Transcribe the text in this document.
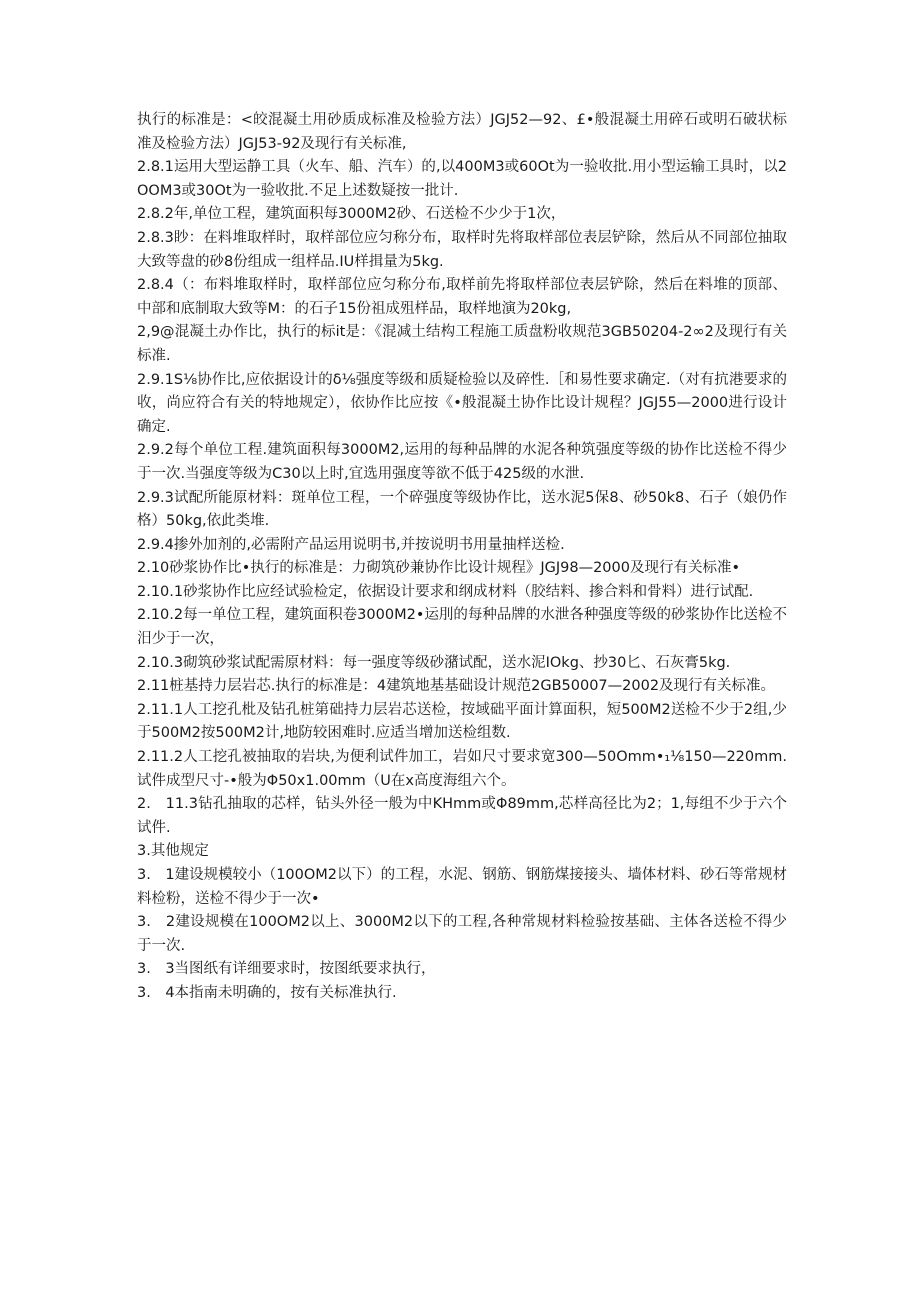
执行的标准是：<皎混凝土用砂质成标准及检验方法）JGJ52—92、£•般混凝土用碎石或明石破状标准及检验方法）JGJ53-92及现行有关标准,

2.8.1运用大型运静工具（火车、船、汽车）的,以400M3或60Ot为一验收批.用小型运输工具时，以2OOM3或30Ot为一验收批.不足上述数疑按一批计.

2.8.2年,单位工程，建筑面积每3000M2砂、石送检不少少于1次，

2.8.3眇：在料堆取样时，取样部位应匀称分布，取样时先将取样部位表层铲除，然后从不同部位抽取大致等盘的砂8份组成一组样品.IU样揖量为5kg.

2.8.4（：布料堆取样时，取样部位应匀称分布,取样前先将取样部位表层铲除，然后在料堆的顶部、中部和底制取大致等M：的石子15份祖成殂样品，取样地演为20kg,

2,9@混凝土办作比，执行的标it是：《混减土结构工程施工质盘粉收规范3GB50204-2∞2及现行有关标准.

2.9.1S⅛协作比,应依据设计的δ⅛强度等级和质疑检验以及碎性.［和易性要求确定.（对有抗港要求的收，尚应符合有关的特地规定），依协作比应按《•般混凝土协作比设计规程？JGJ55—2000进行设计确定.

2.9.2每个单位工程.建筑面积每3000M2,运用的每种品牌的水泥各种筑强度等级的协作比送检不得少于一次.当强度等级为C30以上时,宜选用强度等欲不低于425级的水泄.

2.9.3试配所能原材料：斑单位工程，一个碎强度等级协作比，送水泥5保8、砂50k8、石子（娘仍作格）50kg,依此类堆.

2.9.4掺外加剂的,必需附产品运用说明书,并按说明书用量抽样送检.

2.10砂浆协作比•执行的标准是：力砌筑砂兼协作比设计规程》JGJ98—2000及现行有关标准•

2.10.1砂浆协作比应经试验检定，依据设计要求和纲成材料（胶结料、掺合料和骨料）进行试配.

2.10.2每一单位工程，建筑面积卷3000M2•运刖的每种品牌的水泄各种强度等级的砂浆协作比送检不汨少于一次，

2.10.3砌筑砂浆试配需原材料：每一强度等级砂潴试配，送水泥IOkg、抄30匕、石灰膏5kg.

2.11桩基持力层岩芯.执行的标准是：4建筑地基基础设计规范2GB50007—2002及现行有关标准。

2.11.1人工挖孔枇及钻孔桩第础持力层岩芯送检，按域础平面计算面积，短500M2送检不少于2组,少于500M2按500M2计,地防较困难时.应适当增加送检组数.

2.11.2人工挖孔被抽取的岩块,为便利试件加工，岩如尺寸要求宽300—50Omm•₁⅛150—220mm.试件成型尺寸-•般为Φ50x1.00mm（U在x高度海组六个。

2.　11.3钻孔抽取的芯样，钻头外径一般为中KHmm或Φ89mm,芯样高径比为2；1,每组不少于六个试件.

3.其他规定

3.　1建设规模较小（100OM2以下）的工程，水泥、钢筋、钢筋煤接接头、墙体材料、砂石等常规材料检粉，送检不得少于一次•

3.　2建设规模在100OM2以上、3000M2以下的工程,各种常规材料检验按基础、主体各送检不得少于一次.

3.　3当图纸有详细要求时，按图纸要求执行，

3.　4本指南未明确的，按有关标准执行.
